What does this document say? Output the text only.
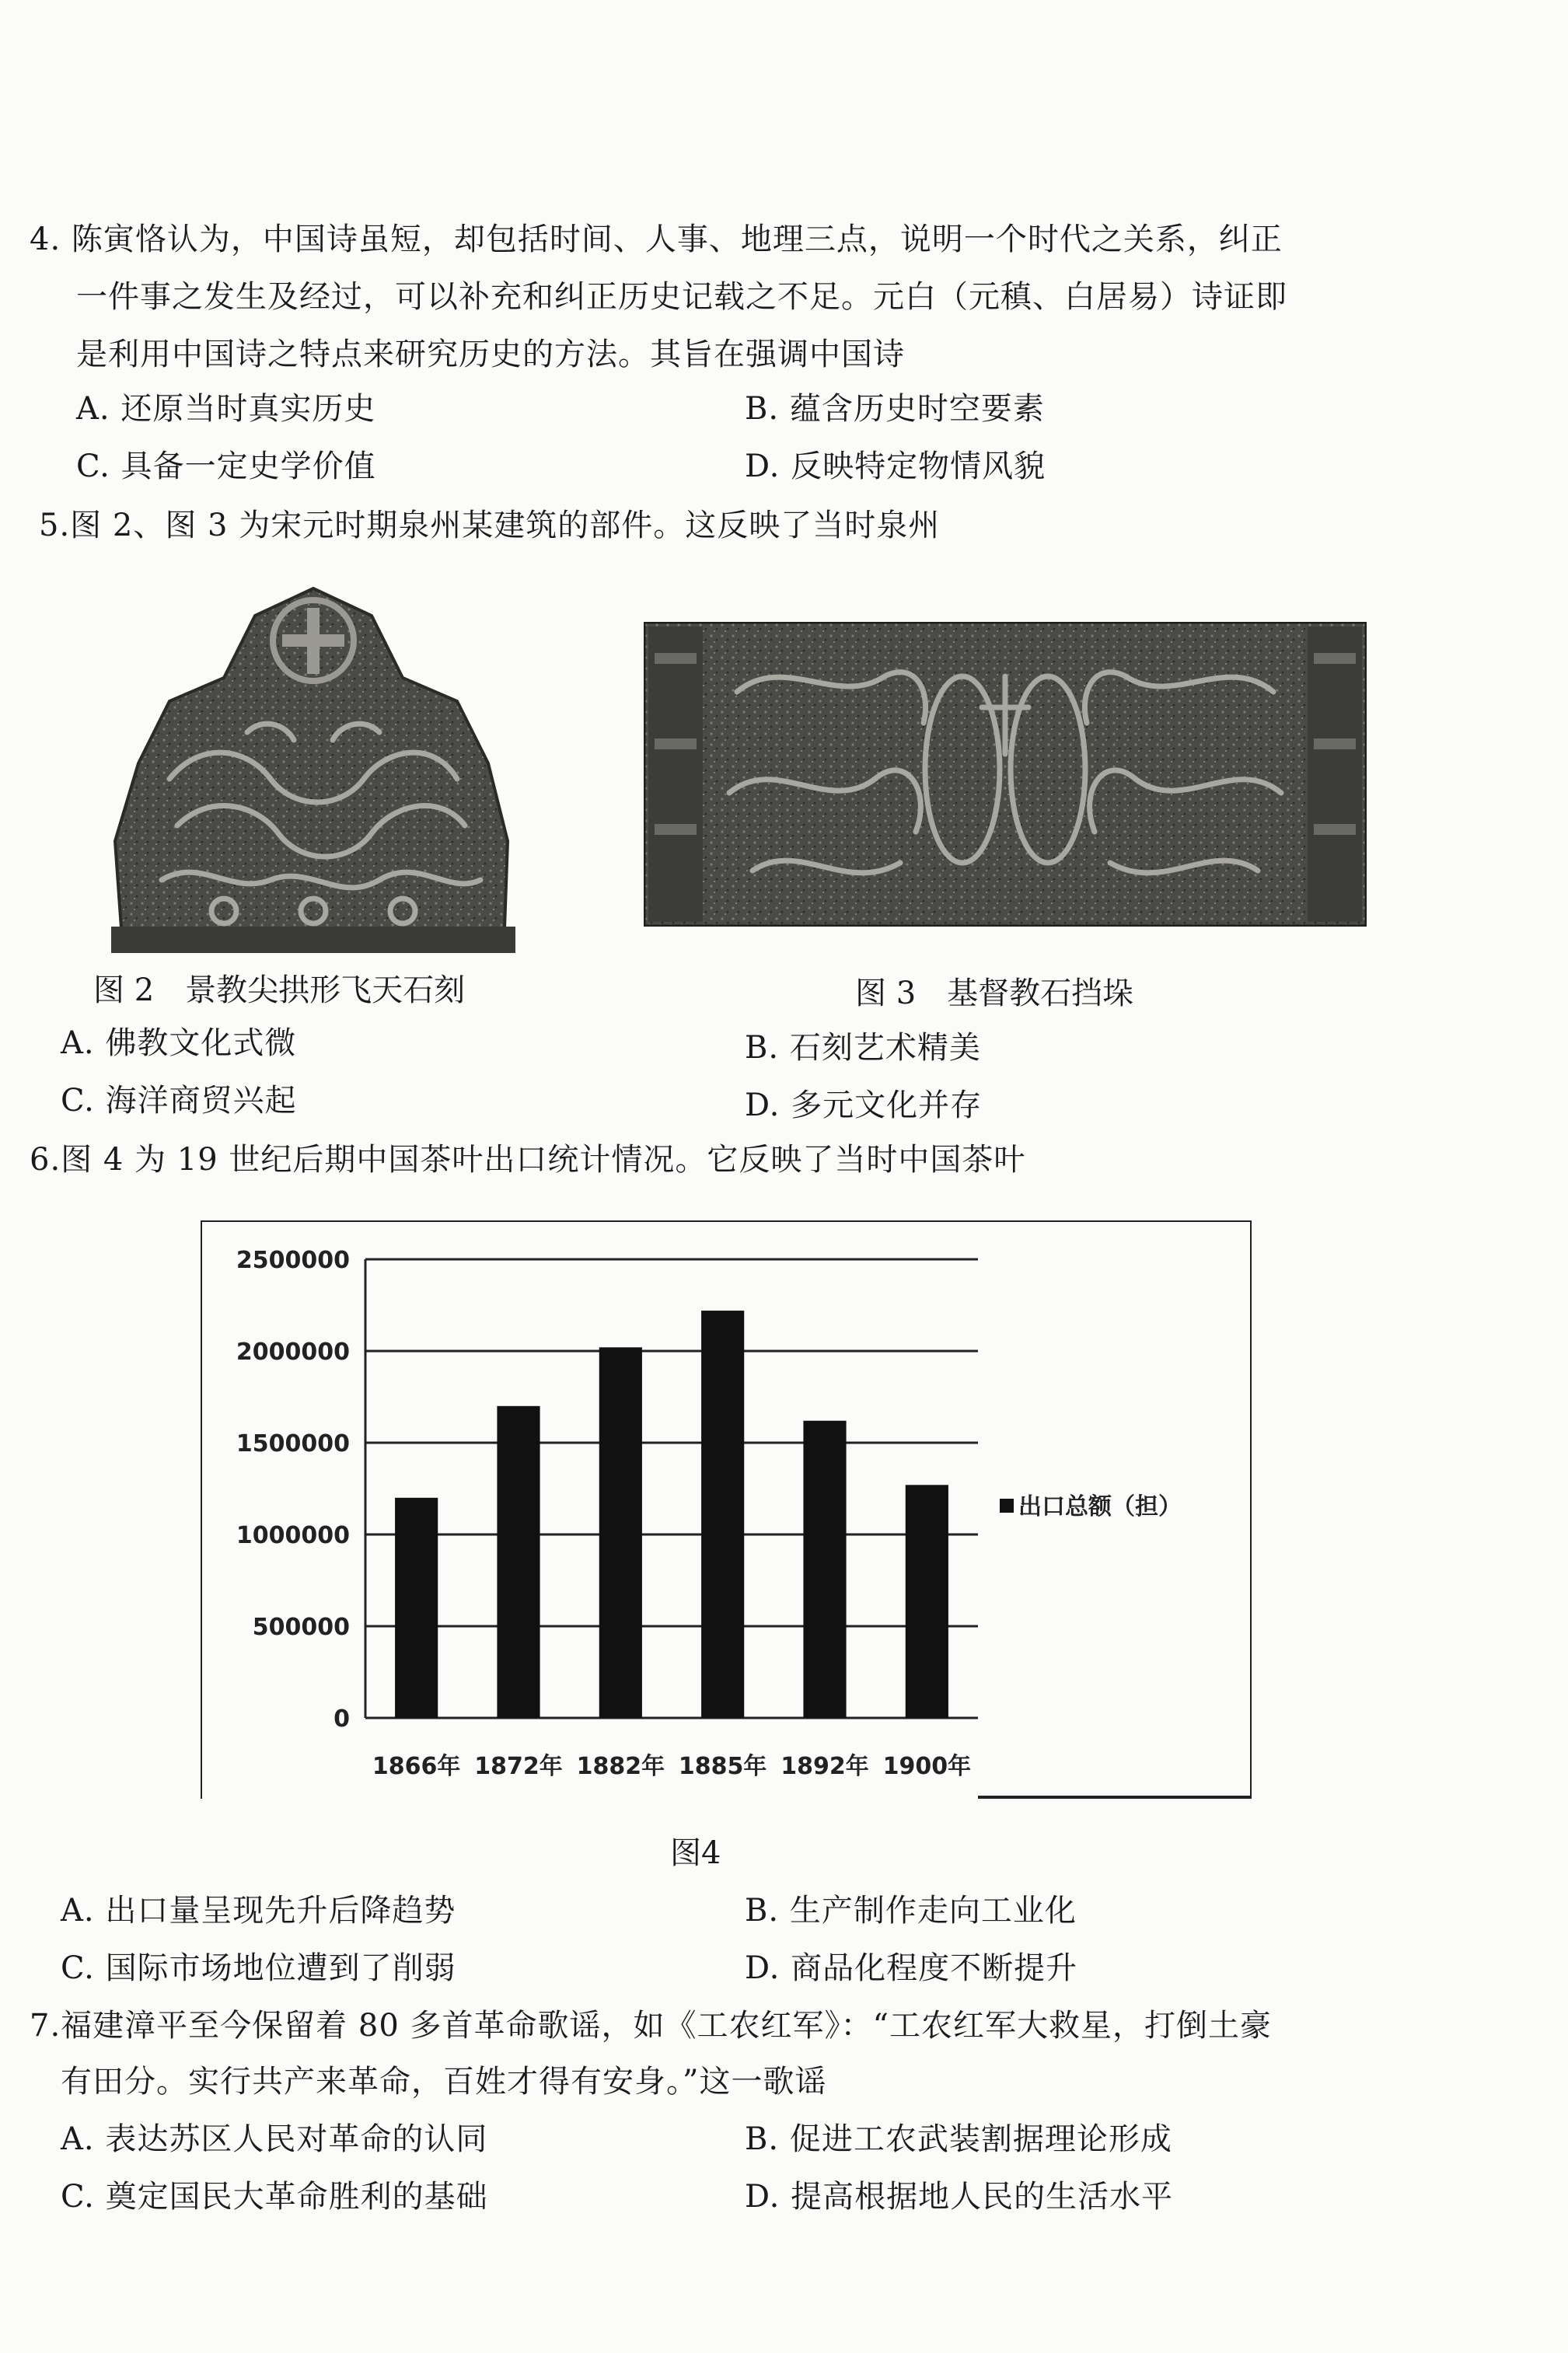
4. 陈寅恪认为，中国诗虽短，却包括时间、人事、地理三点，说明一个时代之关系，纠正
一件事之发生及经过，可以补充和纠正历史记载之不足。元白（元稹、白居易）诗证即
是利用中国诗之特点来研究历史的方法。其旨在强调中国诗
A. 还原当时真实历史	B. 蕴含历史时空要素
C. 具备一定史学价值	D. 反映特定物情风貌
5.图 2、图 3 为宋元时期泉州某建筑的部件。这反映了当时泉州
图 2　景教尖拱形飞天石刻	图 3　基督教石挡垛
A. 佛教文化式微	B. 石刻艺术精美
C. 海洋商贸兴起	D. 多元文化并存
6.图 4 为 19 世纪后期中国茶叶出口统计情况。它反映了当时中国茶叶
0
500000
1000000
1500000
2000000
2500000
1866年 1872年 1882年 1885年 1892年 1900年
出口总额（担）
图4
A. 出口量呈现先升后降趋势	B. 生产制作走向工业化
C. 国际市场地位遭到了削弱	D. 商品化程度不断提升
7.福建漳平至今保留着 80 多首革命歌谣，如《工农红军》：“工农红军大救星，打倒土豪
有田分。实行共产来革命，百姓才得有安身。”这一歌谣
A. 表达苏区人民对革命的认同	B. 促进工农武装割据理论形成
C. 奠定国民大革命胜利的基础	D. 提高根据地人民的生活水平
